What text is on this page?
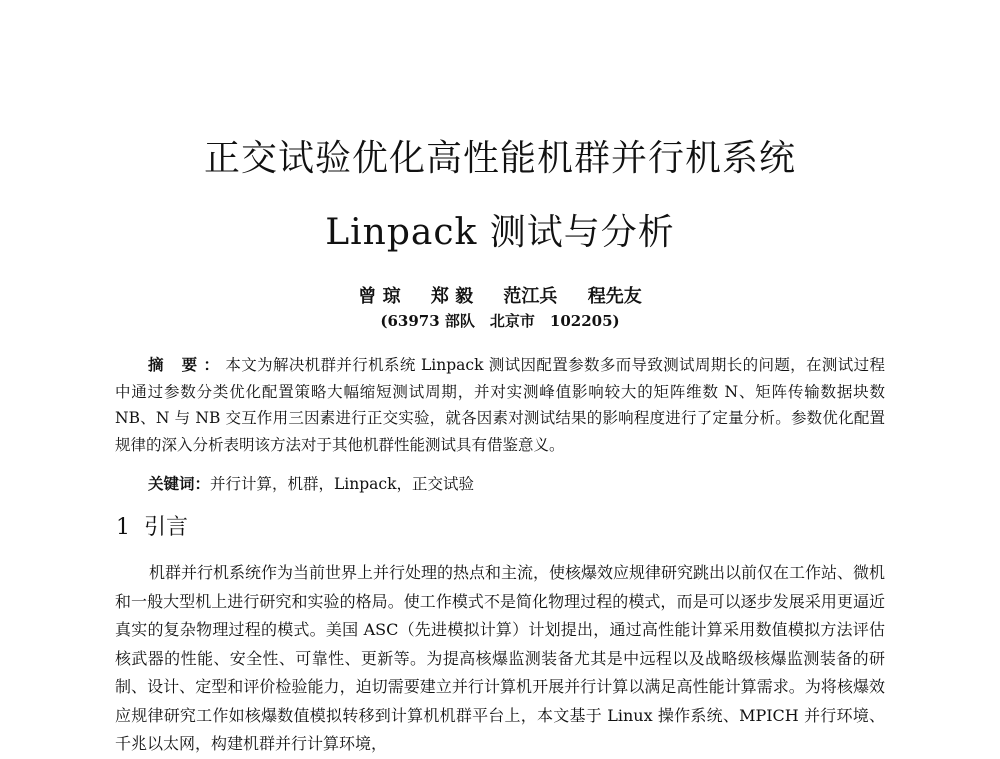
正交试验优化高性能机群并行机系统
Linpack 测试与分析
曾 琼 郑 毅 范江兵 程先友
(63973 部队　北京市　102205)

摘 要：本文为解决机群并行机系统 Linpack 测试因配置参数多而导致测试周期长的问题，在测试过程中通过参数分类优化配置策略大幅缩短测试周期，并对实测峰值影响较大的矩阵维数 N、矩阵传输数据块数 NB、N 与 NB 交互作用三因素进行正交实验，就各因素对测试结果的影响程度进行了定量分析。参数优化配置规律的深入分析表明该方法对于其他机群性能测试具有借鉴意义。

关键词：并行计算，机群，Linpack，正交试验
1 引言

机群并行机系统作为当前世界上并行处理的热点和主流，使核爆效应规律研究跳出以前仅在工作站、微机和一般大型机上进行研究和实验的格局。使工作模式不是简化物理过程的模式，而是可以逐步发展采用更逼近真实的复杂物理过程的模式。美国 ASC（先进模拟计算）计划提出，通过高性能计算采用数值模拟方法评估核武器的性能、安全性、可靠性、更新等。为提高核爆监测装备尤其是中远程以及战略级核爆监测装备的研制、设计、定型和评价检验能力，迫切需要建立并行计算机开展并行计算以满足高性能计算需求。为将核爆效应规律研究工作如核爆数值模拟转移到计算机机群平台上，本文基于 Linux 操作系统、MPICH 并行环境、千兆以太网，构建机群并行计算环境，
